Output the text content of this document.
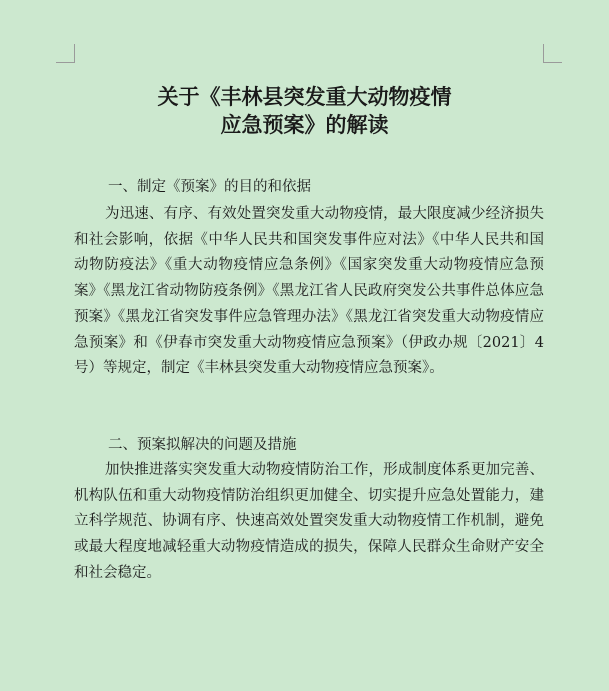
关于《丰林县突发重大动物疫情
应急预案》的解读
一、制定《预案》的目的和依据

为迅速、有序、有效处置突发重大动物疫情，最大限度减少经济损失和社会影响，依据《中华人民共和国突发事件应对法》《中华人民共和国动物防疫法》《重大动物疫情应急条例》《国家突发重大动物疫情应急预案》《黑龙江省动物防疫条例》《黑龙江省人民政府突发公共事件总体应急预案》《黑龙江省突发事件应急管理办法》《黑龙江省突发重大动物疫情应急预案》和《伊春市突发重大动物疫情应急预案》（伊政办规〔2021〕4号）等规定，制定《丰林县突发重大动物疫情应急预案》。

二、预案拟解决的问题及措施

加快推进落实突发重大动物疫情防治工作，形成制度体系更加完善、机构队伍和重大动物疫情防治组织更加健全、切实提升应急处置能力，建立科学规范、协调有序、快速高效处置突发重大动物疫情工作机制，避免或最大程度地减轻重大动物疫情造成的损失，保障人民群众生命财产安全和社会稳定。
